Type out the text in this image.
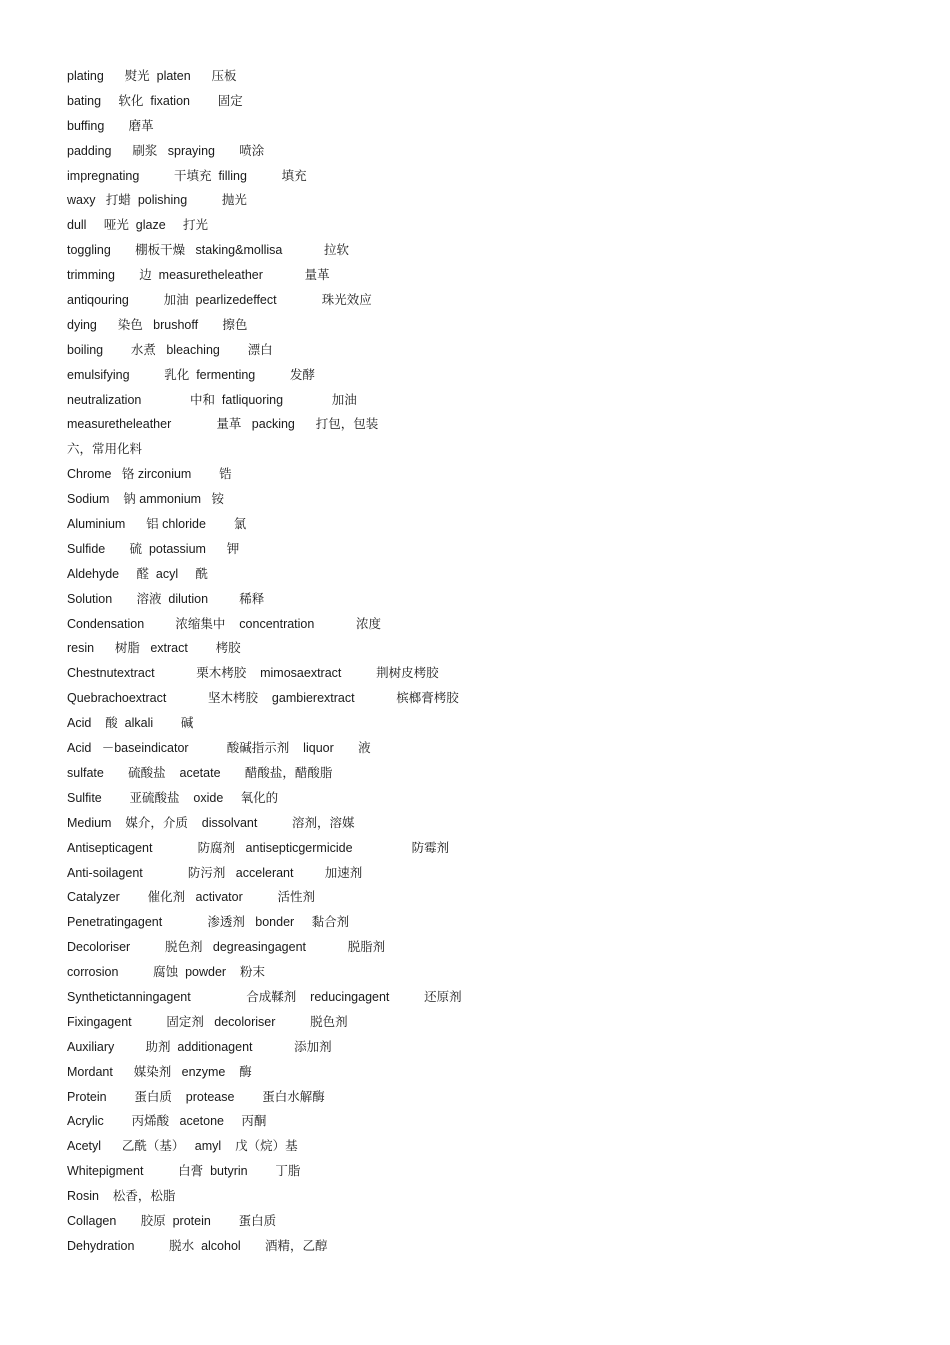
plating      熨光  platen      压板
bating     软化  fixation        固定
buffing       磨革
padding      刷浆   spraying       喷涂
impregnating          干填充  filling          填充
waxy   打蜡  polishing          抛光
dull     哑光  glaze     打光
toggling       棚板干燥   staking&mollisa            拉软
trimming       边  measuretheleather            量革
antiqouring          加油  pearlizedeffect             珠光效应
dying      染色   brushoff       擦色
boiling        水煮   bleaching        漂白
emulsifying          乳化  fermenting          发酵
neutralization              中和  fatliquoring              加油
measuretheleather             量革   packing      打包，包装
六，常用化料
Chrome   铬 zirconium        锆
Sodium    钠 ammonium   铵
Aluminium      铝 chloride        氯
Sulfide       硫  potassium      钾
Aldehyde     醛  acyl     酰
Solution       溶液  dilution         稀释
Condensation         浓缩集中    concentration            浓度
resin      树脂   extract        栲胶
Chestnutextract            栗木栲胶    mimosaextract          荆树皮栲胶
Quebrachoextract            坚木栲胶    gambierextract            槟榔膏栲胶
Acid    酸  alkali        碱
Acid   －baseindicator           酸碱指示剂    liquor       液
sulfate       硫酸盐    acetate       醋酸盐，醋酸脂
Sulfite        亚硫酸盐    oxide     氧化的
Medium    媒介，介质    dissolvant          溶剂，溶媒
Antisepticagent             防腐剂   antisepticgermicide                 防霉剂
Anti-soilagent             防污剂   accelerant         加速剂
Catalyzer        催化剂   activator          活性剂
Penetratingagent             渗透剂   bonder     黏合剂
Decoloriser          脱色剂   degreasingagent            脱脂剂
corrosion          腐蚀  powder    粉末
Synthetictanningagent                合成鞣剂    reducingagent          还原剂
Fixingagent          固定剂   decoloriser          脱色剂
Auxiliary         助剂  additionagent            添加剂
Mordant      媒染剂   enzyme    酶
Protein        蛋白质    protease        蛋白水解酶
Acrylic        丙烯酸   acetone     丙酮
Acetyl      乙酰（基）   amyl    戊（烷）基
Whitepigment          白膏  butyrin        丁脂
Rosin    松香，松脂
Collagen       胶原  protein        蛋白质
Dehydration          脱水  alcohol       酒精，乙醇
